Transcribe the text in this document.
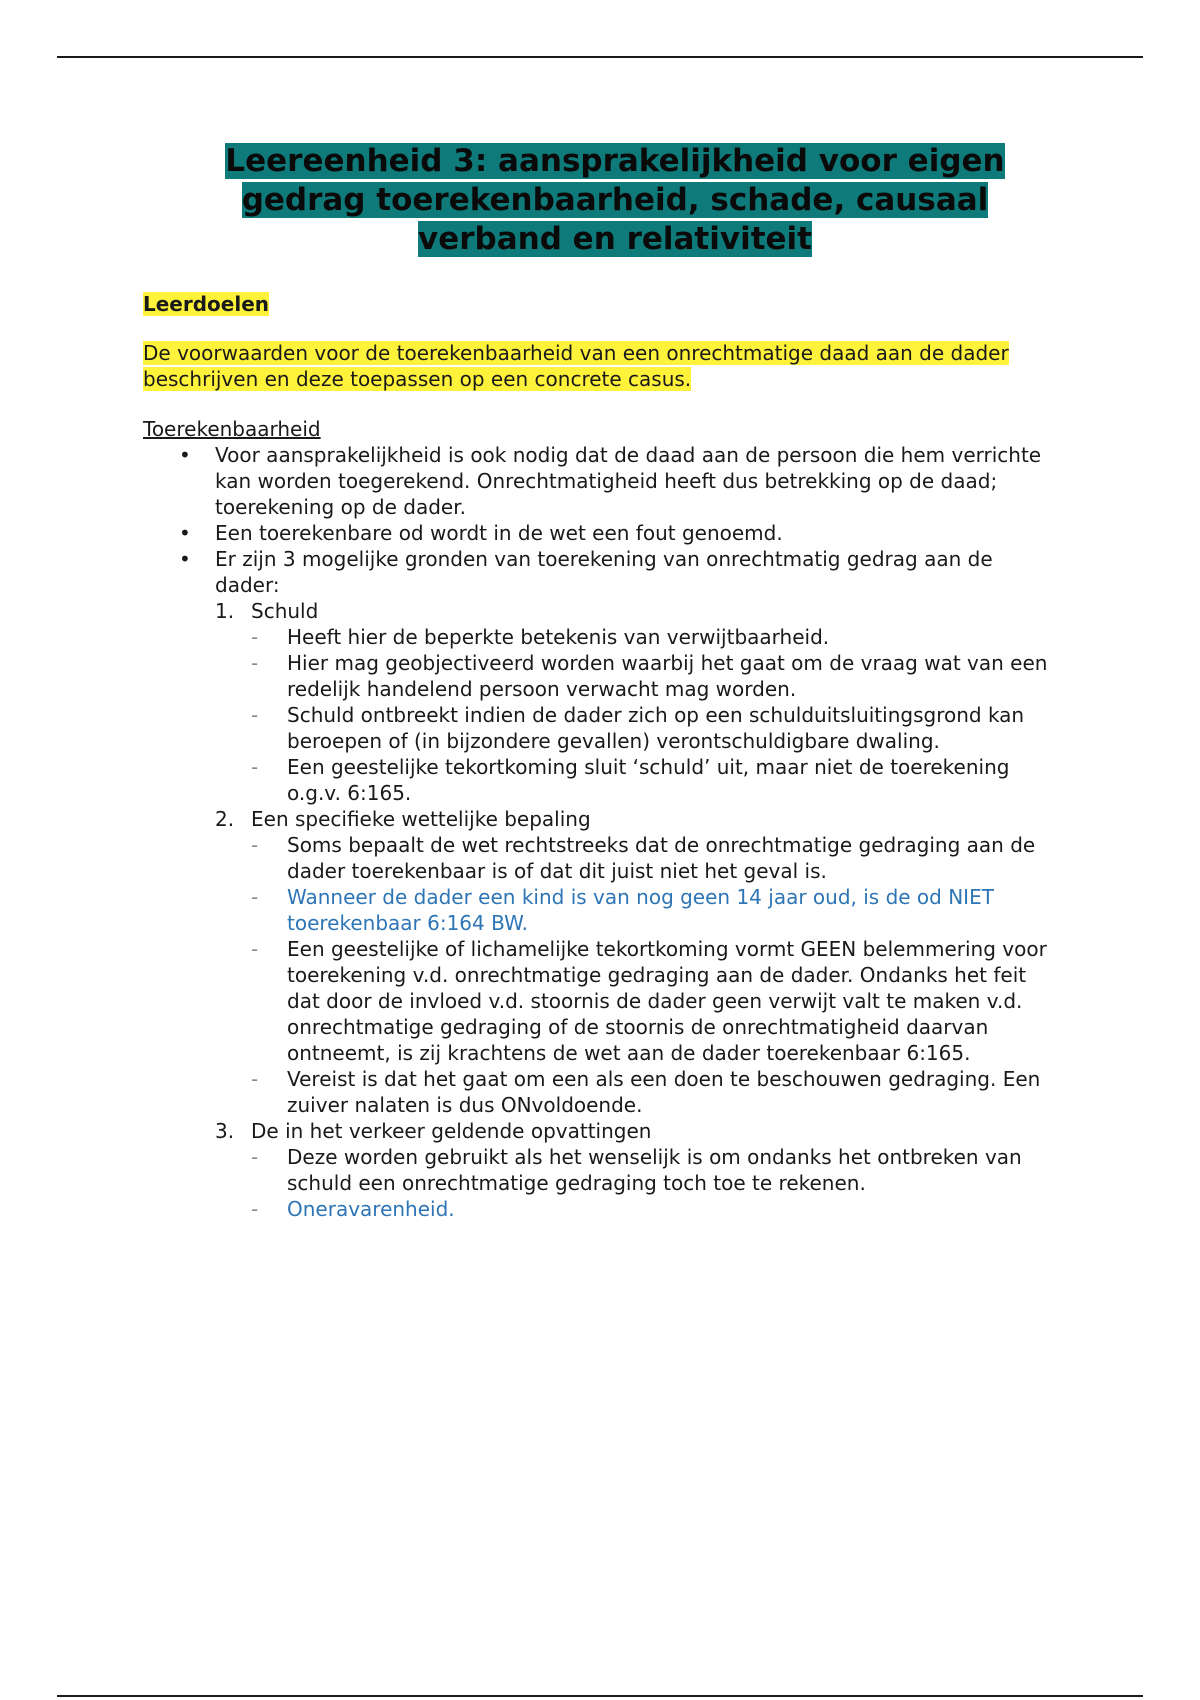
Leereenheid 3: aansprakelijkheid voor eigen
gedrag toerekenbaarheid, schade, causaal
verband en relativiteit

Leerdoelen

De voorwaarden voor de toerekenbaarheid van een onrechtmatige daad aan de dader beschrijven en deze toepassen op een concrete casus.

Toerekenbaarheid

• Voor aansprakelijkheid is ook nodig dat de daad aan de persoon die hem verrichte kan worden toegerekend. Onrechtmatigheid heeft dus betrekking op de daad; toerekening op de dader.
• Een toerekenbare od wordt in de wet een fout genoemd.
• Er zijn 3 mogelijke gronden van toerekening van onrechtmatig gedrag aan de dader:
1. Schuld
- Heeft hier de beperkte betekenis van verwijtbaarheid.
- Hier mag geobjectiveerd worden waarbij het gaat om de vraag wat van een redelijk handelend persoon verwacht mag worden.
- Schuld ontbreekt indien de dader zich op een schulduitsluitingsgrond kan beroepen of (in bijzondere gevallen) verontschuldigbare dwaling.
- Een geestelijke tekortkoming sluit ‘schuld’ uit, maar niet de toerekening o.g.v. 6:165.
2. Een specifieke wettelijke bepaling
- Soms bepaalt de wet rechtstreeks dat de onrechtmatige gedraging aan de dader toerekenbaar is of dat dit juist niet het geval is.
- Wanneer de dader een kind is van nog geen 14 jaar oud, is de od NIET toerekenbaar 6:164 BW.
- Een geestelijke of lichamelijke tekortkoming vormt GEEN belemmering voor toerekening v.d. onrechtmatige gedraging aan de dader. Ondanks het feit dat door de invloed v.d. stoornis de dader geen verwijt valt te maken v.d. onrechtmatige gedraging of de stoornis de onrechtmatigheid daarvan ontneemt, is zij krachtens de wet aan de dader toerekenbaar 6:165.
- Vereist is dat het gaat om een als een doen te beschouwen gedraging. Een zuiver nalaten is dus ONvoldoende.
3. De in het verkeer geldende opvattingen
- Deze worden gebruikt als het wenselijk is om ondanks het ontbreken van schuld een onrechtmatige gedraging toch toe te rekenen.
- Oneravarenheid.
